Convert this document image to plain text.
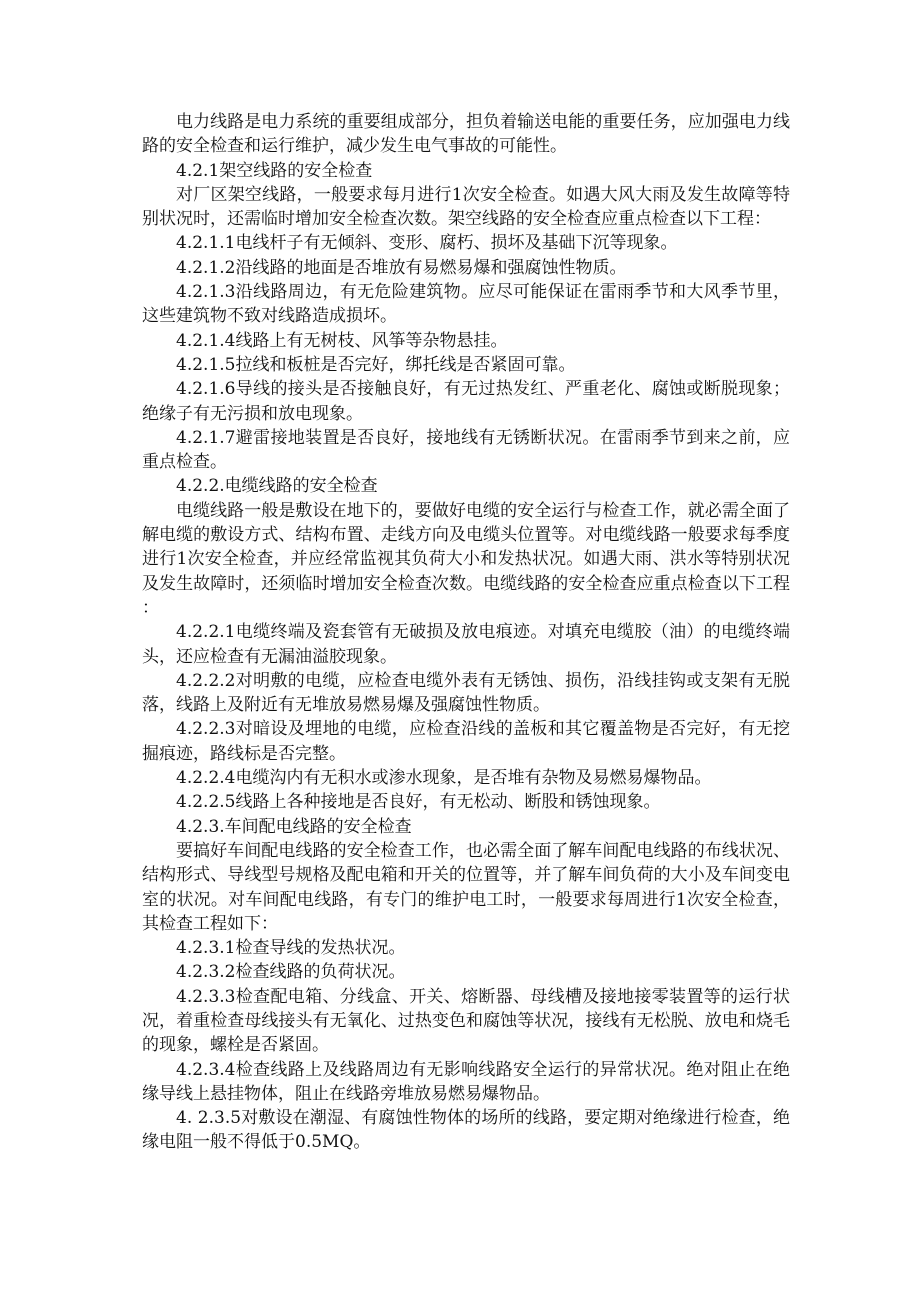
电力线路是电力系统的重要组成部分，担负着输送电能的重要任务，应加强电力线路的安全检查和运行维护，减少发生电气事故的可能性。

4.2.1架空线路的安全检查

对厂区架空线路，一般要求每月进行1次安全检查。如遇大风大雨及发生故障等特别状况时，还需临时增加安全检查次数。架空线路的安全检查应重点检查以下工程：

4.2.1.1电线杆子有无倾斜、变形、腐朽、损坏及基础下沉等现象。

4.2.1.2沿线路的地面是否堆放有易燃易爆和强腐蚀性物质。

4.2.1.3沿线路周边，有无危险建筑物。应尽可能保证在雷雨季节和大风季节里，这些建筑物不致对线路造成损坏。

4.2.1.4线路上有无树枝、风筝等杂物悬挂。

4.2.1.5拉线和板桩是否完好，绑托线是否紧固可靠。

4.2.1.6导线的接头是否接触良好，有无过热发红、严重老化、腐蚀或断脱现象；绝缘子有无污损和放电现象。

4.2.1.7避雷接地装置是否良好，接地线有无锈断状况。在雷雨季节到来之前，应重点检查。

4.2.2.电缆线路的安全检查

电缆线路一般是敷设在地下的，要做好电缆的安全运行与检查工作，就必需全面了解电缆的敷设方式、结构布置、走线方向及电缆头位置等。对电缆线路一般要求每季度进行1次安全检查，并应经常监视其负荷大小和发热状况。如遇大雨、洪水等特别状况及发生故障时，还须临时增加安全检查次数。电缆线路的安全检查应重点检查以下工程：

4.2.2.1电缆终端及瓷套管有无破损及放电痕迹。对填充电缆胶（油）的电缆终端头，还应检查有无漏油溢胶现象。

4.2.2.2对明敷的电缆，应检查电缆外表有无锈蚀、损伤，沿线挂钩或支架有无脱落，线路上及附近有无堆放易燃易爆及强腐蚀性物质。

4.2.2.3对暗设及埋地的电缆，应检查沿线的盖板和其它覆盖物是否完好，有无挖掘痕迹，路线标是否完整。

4.2.2.4电缆沟内有无积水或渗水现象，是否堆有杂物及易燃易爆物品。

4.2.2.5线路上各种接地是否良好，有无松动、断股和锈蚀现象。

4.2.3.车间配电线路的安全检查

要搞好车间配电线路的安全检查工作，也必需全面了解车间配电线路的布线状况、结构形式、导线型号规格及配电箱和开关的位置等，并了解车间负荷的大小及车间变电室的状况。对车间配电线路，有专门的维护电工时，一般要求每周进行1次安全检查，其检查工程如下：

4.2.3.1检查导线的发热状况。

4.2.3.2检查线路的负荷状况。

4.2.3.3检查配电箱、分线盒、开关、熔断器、母线槽及接地接零装置等的运行状况，着重检查母线接头有无氧化、过热变色和腐蚀等状况，接线有无松脱、放电和烧毛的现象，螺栓是否紧固。

4.2.3.4检查线路上及线路周边有无影响线路安全运行的异常状况。绝对阻止在绝缘导线上悬挂物体，阻止在线路旁堆放易燃易爆物品。

4. 2.3.5对敷设在潮湿、有腐蚀性物体的场所的线路，要定期对绝缘进行检查，绝缘电阻一般不得低于0.5MQ。
